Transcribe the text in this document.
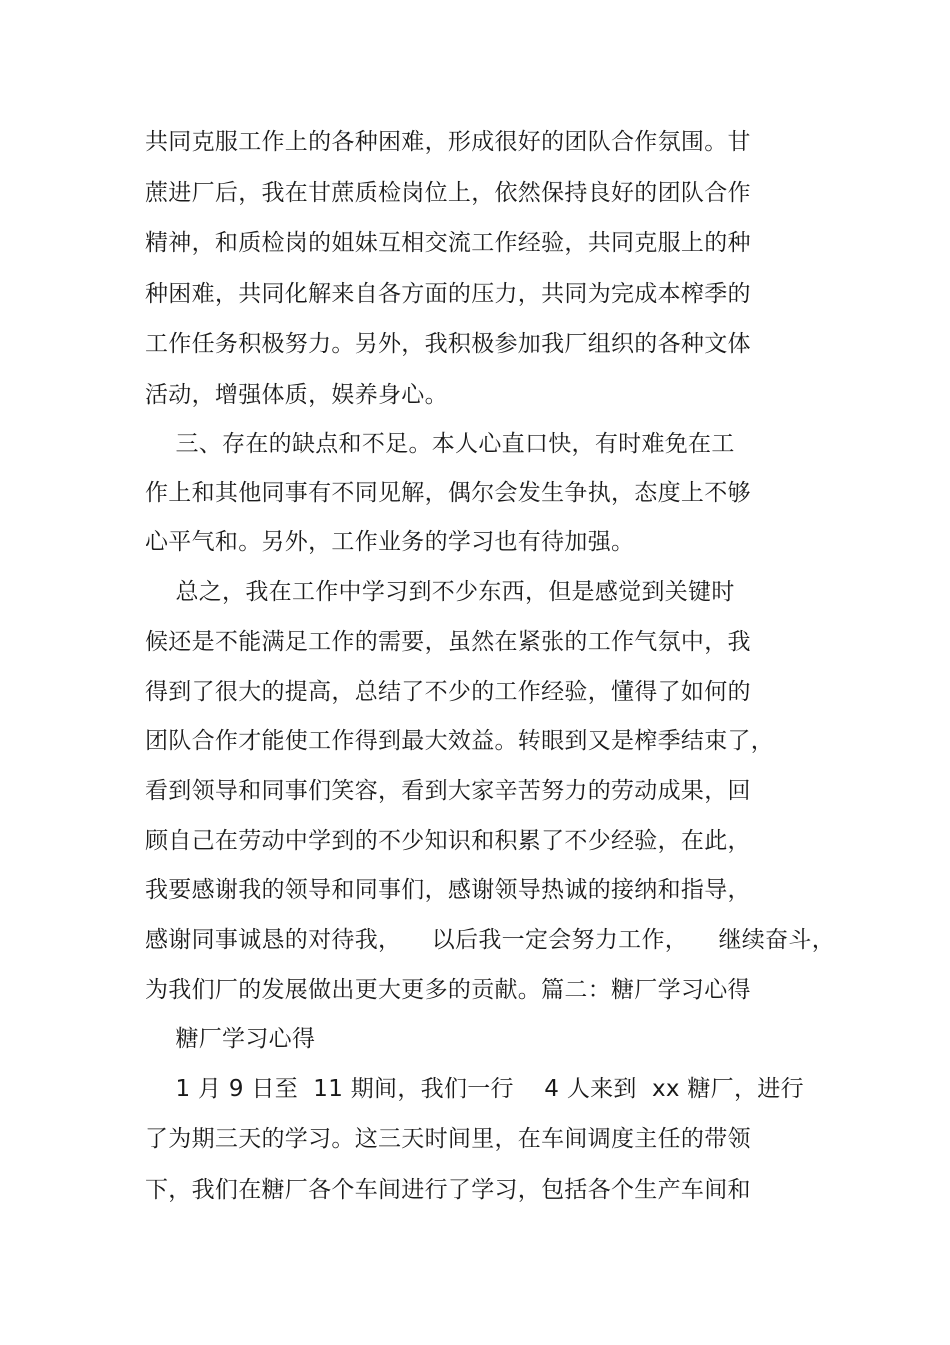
共同克服工作上的各种困难，形成很好的团队合作氛围。甘
蔗进厂后，我在甘蔗质检岗位上，依然保持良好的团队合作
精神，和质检岗的姐妹互相交流工作经验，共同克服上的种
种困难，共同化解来自各方面的压力，共同为完成本榨季的
工作任务积极努力。另外，我积极参加我厂组织的各种文体
活动，增强体质，娱养身心。
三、存在的缺点和不足。本人心直口快，有时难免在工
作上和其他同事有不同见解，偶尔会发生争执，态度上不够
心平气和。另外，工作业务的学习也有待加强。
总之，我在工作中学习到不少东西，但是感觉到关键时
候还是不能满足工作的需要，虽然在紧张的工作气氛中，我
得到了很大的提高，总结了不少的工作经验，懂得了如何的
团队合作才能使工作得到最大效益。转眼到又是榨季结束了，
看到领导和同事们笑容，看到大家辛苦努力的劳动成果，回
顾自己在劳动中学到的不少知识和积累了不少经验，在此，
我要感谢我的领导和同事们，感谢领导热诚的接纳和指导，
感谢同事诚恳的对待我，    以后我一定会努力工作，    继续奋斗，
为我们厂的发展做出更大更多的贡献。篇二：糖厂学习心得
糖厂学习心得
1 月 9 日至  11 期间，我们一行    4 人来到  xx 糖厂，进行
了为期三天的学习。这三天时间里，在车间调度主任的带领
下，我们在糖厂各个车间进行了学习，包括各个生产车间和
